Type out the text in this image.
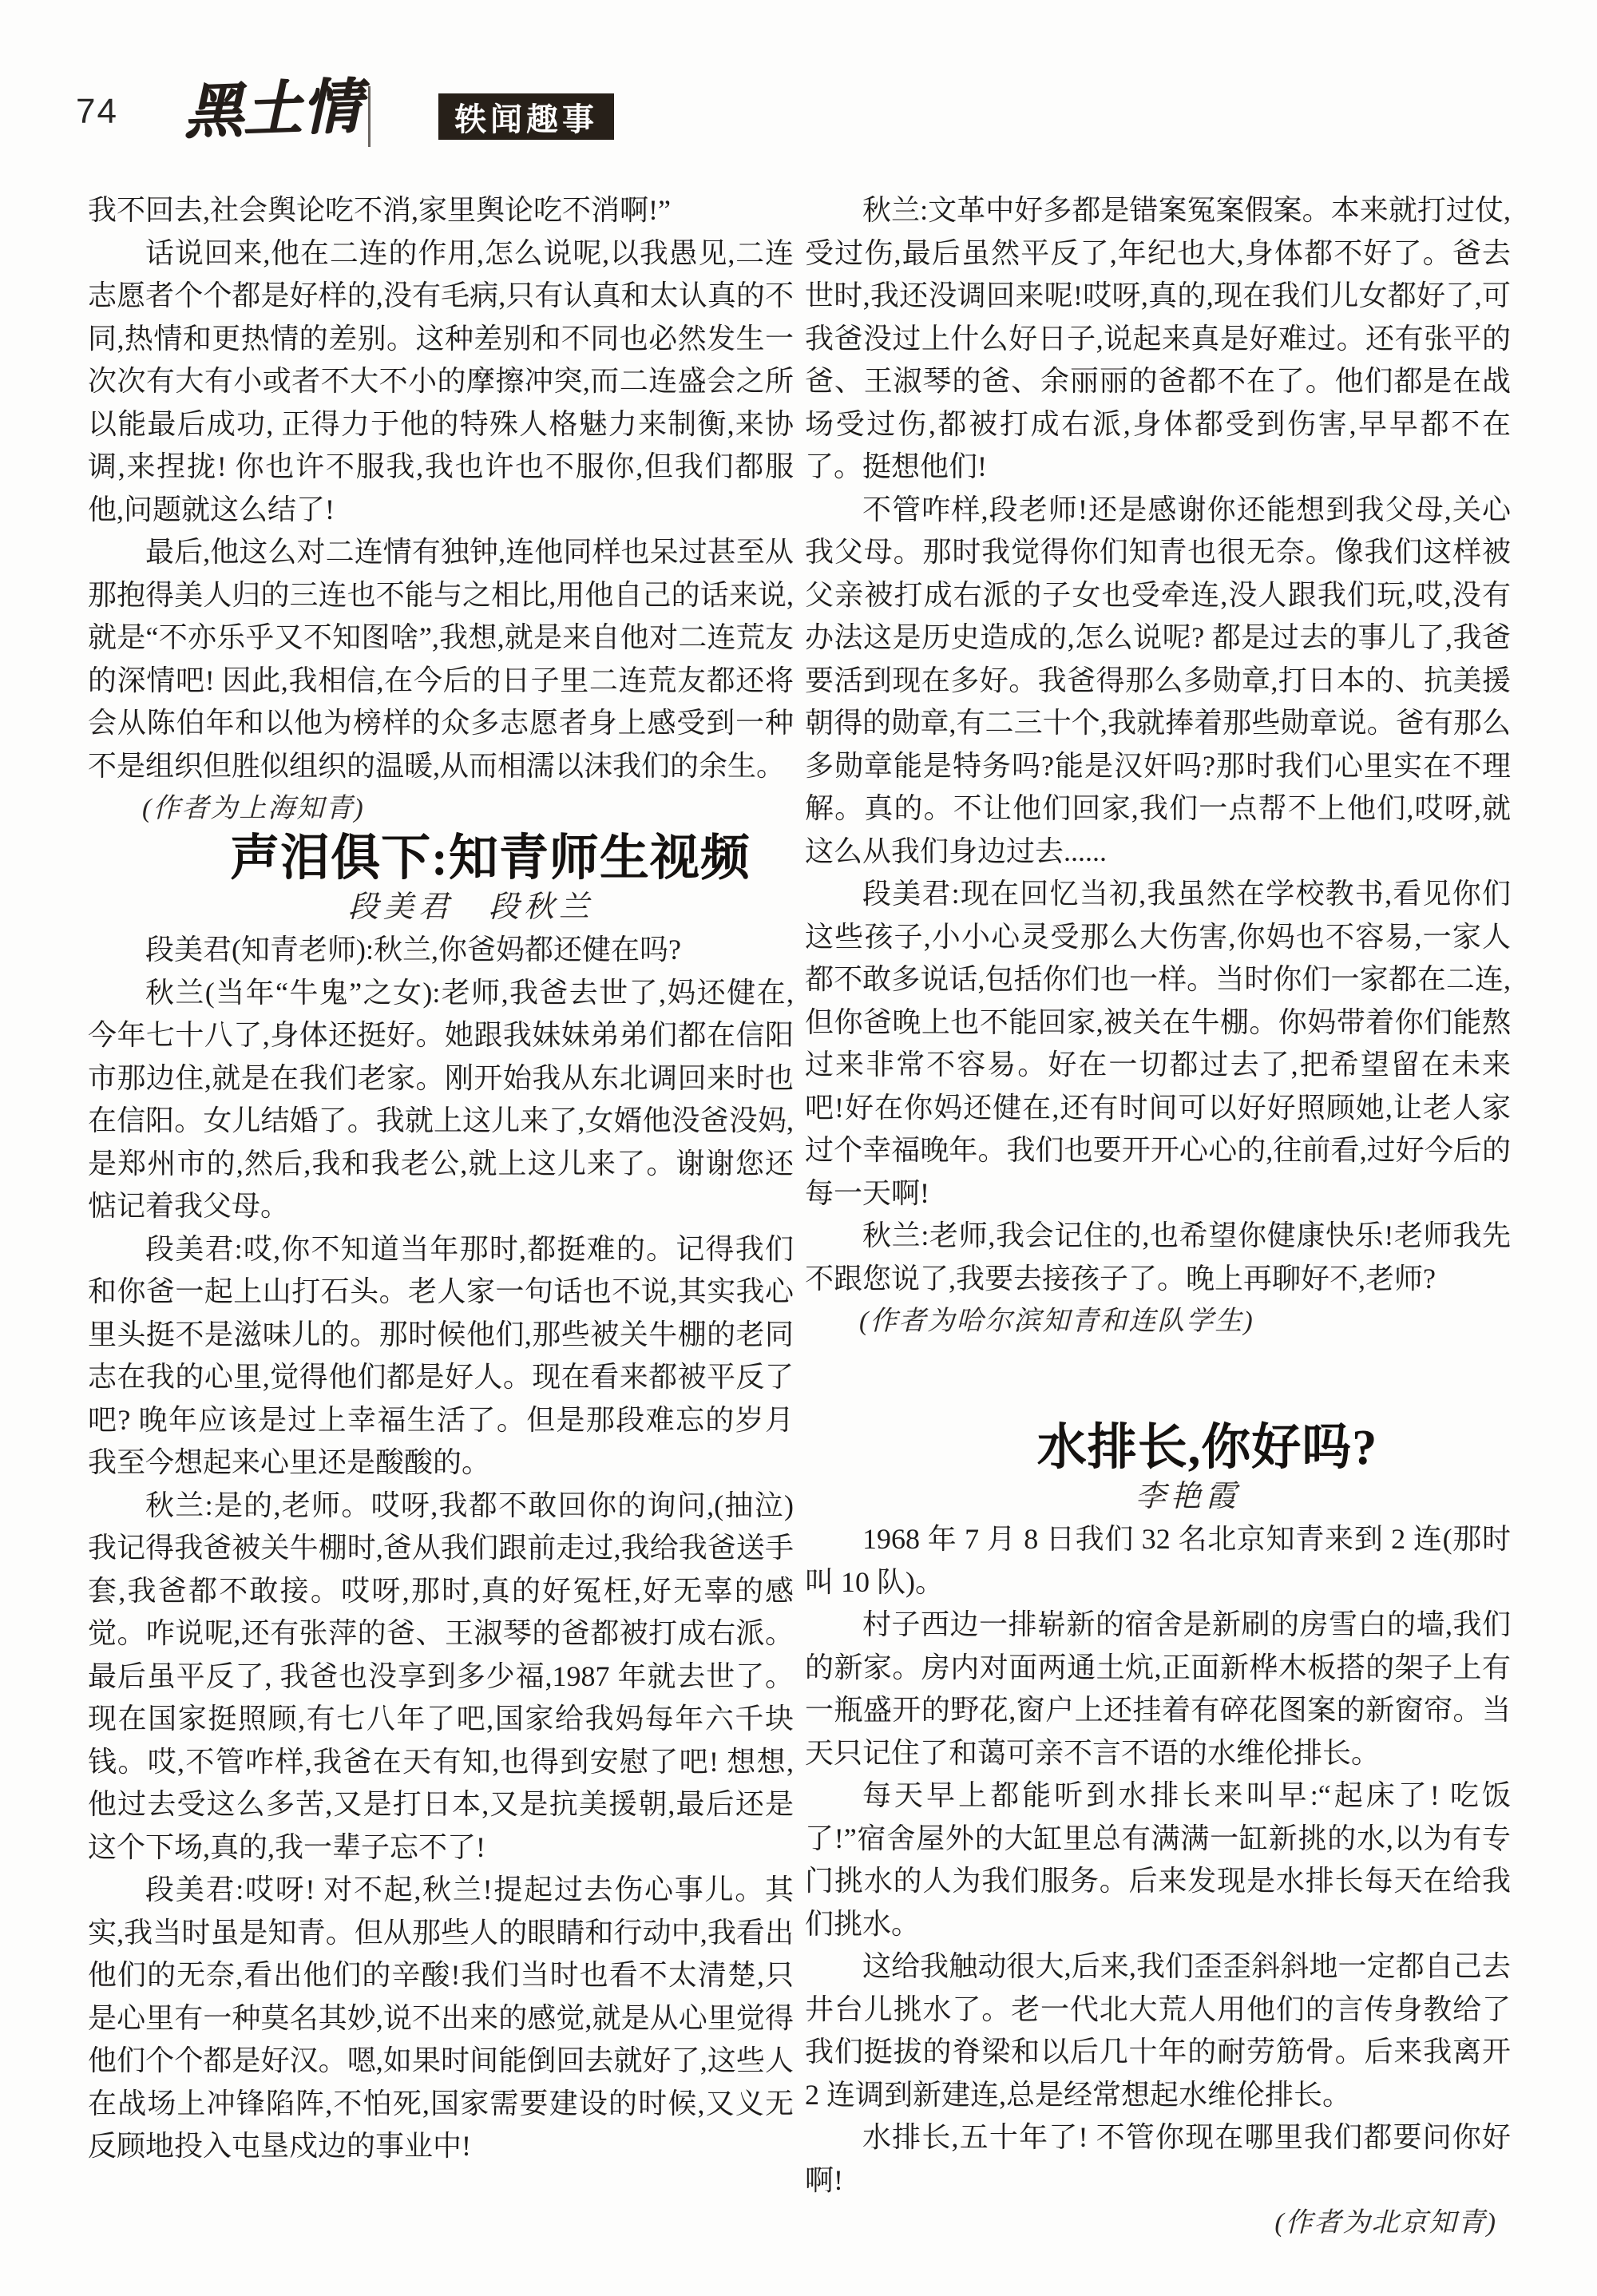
74 黑土情	轶闻趣事

我不回去,社会舆论吃不消,家里舆论吃不消啊!”

话说回来,他在二连的作用,怎么说呢,以我愚见,二连志愿者个个都是好样的,没有毛病,只有认真和太认真的不同,热情和更热情的差别。这种差别和不同也必然发生一次次有大有小或者不大不小的摩擦冲突,而二连盛会之所以能最后成功, 正得力于他的特殊人格魅力来制衡,来协调,来捏拢! 你也许不服我,我也许也不服你,但我们都服他,问题就这么结了!

最后,他这么对二连情有独钟,连他同样也呆过甚至从那抱得美人归的三连也不能与之相比,用他自己的话来说,就是“不亦乐乎又不知图啥”,我想,就是来自他对二连荒友的深情吧! 因此,我相信,在今后的日子里二连荒友都还将会从陈伯年和以他为榜样的众多志愿者身上感受到一种不是组织但胜似组织的温暖,从而相濡以沫我们的余生。

(作者为上海知青)

声泪俱下:知青师生视频

段美君　段秋兰

段美君(知青老师):秋兰,你爸妈都还健在吗?

秋兰(当年“牛鬼”之女):老师,我爸去世了,妈还健在,今年七十八了,身体还挺好。她跟我妹妹弟弟们都在信阳市那边住,就是在我们老家。刚开始我从东北调回来时也在信阳。女儿结婚了。我就上这儿来了,女婿他没爸没妈,是郑州市的,然后,我和我老公,就上这儿来了。谢谢您还惦记着我父母。

段美君:哎,你不知道当年那时,都挺难的。记得我们和你爸一起上山打石头。老人家一句话也不说,其实我心里头挺不是滋味儿的。那时候他们,那些被关牛棚的老同志在我的心里,觉得他们都是好人。现在看来都被平反了吧? 晚年应该是过上幸福生活了。但是那段难忘的岁月我至今想起来心里还是酸酸的。

秋兰:是的,老师。哎呀,我都不敢回你的询问,(抽泣)我记得我爸被关牛棚时,爸从我们跟前走过,我给我爸送手套,我爸都不敢接。哎呀,那时,真的好冤枉,好无辜的感觉。咋说呢,还有张萍的爸、王淑琴的爸都被打成右派。最后虽平反了, 我爸也没享到多少福,1987 年就去世了。现在国家挺照顾,有七八年了吧,国家给我妈每年六千块钱。哎,不管咋样,我爸在天有知,也得到安慰了吧! 想想,他过去受这么多苦,又是打日本,又是抗美援朝,最后还是这个下场,真的,我一辈子忘不了!

段美君:哎呀! 对不起,秋兰!提起过去伤心事儿。其实,我当时虽是知青。但从那些人的眼睛和行动中,我看出他们的无奈,看出他们的辛酸!我们当时也看不太清楚,只是心里有一种莫名其妙,说不出来的感觉,就是从心里觉得他们个个都是好汉。嗯,如果时间能倒回去就好了,这些人在战场上冲锋陷阵,不怕死,国家需要建设的时候,又义无反顾地投入屯垦戍边的事业中!

秋兰:文革中好多都是错案冤案假案。本来就打过仗,受过伤,最后虽然平反了,年纪也大,身体都不好了。爸去世时,我还没调回来呢!哎呀,真的,现在我们儿女都好了,可我爸没过上什么好日子,说起来真是好难过。还有张平的爸、王淑琴的爸、余丽丽的爸都不在了。他们都是在战场受过伤,都被打成右派,身体都受到伤害,早早都不在了。挺想他们!

不管咋样,段老师!还是感谢你还能想到我父母,关心我父母。那时我觉得你们知青也很无奈。像我们这样被父亲被打成右派的子女也受牵连,没人跟我们玩,哎,没有办法这是历史造成的,怎么说呢? 都是过去的事儿了,我爸要活到现在多好。我爸得那么多勋章,打日本的、抗美援朝得的勋章,有二三十个,我就捧着那些勋章说。爸有那么多勋章能是特务吗?能是汉奸吗?那时我们心里实在不理解。真的。不让他们回家,我们一点帮不上他们,哎呀,就这么从我们身边过去......

段美君:现在回忆当初,我虽然在学校教书,看见你们这些孩子,小小心灵受那么大伤害,你妈也不容易,一家人都不敢多说话,包括你们也一样。当时你们一家都在二连,但你爸晚上也不能回家,被关在牛棚。你妈带着你们能熬过来非常不容易。好在一切都过去了,把希望留在未来吧!好在你妈还健在,还有时间可以好好照顾她,让老人家过个幸福晚年。我们也要开开心心的,往前看,过好今后的每一天啊!

秋兰:老师,我会记住的,也希望你健康快乐!老师我先不跟您说了,我要去接孩子了。晚上再聊好不,老师?

(作者为哈尔滨知青和连队学生)

水排长,你好吗?

李艳霞

1968 年 7 月 8 日我们 32 名北京知青来到 2 连(那时叫 10 队)。

村子西边一排崭新的宿舍是新刷的房雪白的墙,我们的新家。房内对面两通土炕,正面新桦木板搭的架子上有一瓶盛开的野花,窗户上还挂着有碎花图案的新窗帘。当天只记住了和蔼可亲不言不语的水维伦排长。

每天早上都能听到水排长来叫早:“起床了! 吃饭了!”宿舍屋外的大缸里总有满满一缸新挑的水,以为有专门挑水的人为我们服务。后来发现是水排长每天在给我们挑水。

这给我触动很大,后来,我们歪歪斜斜地一定都自己去井台儿挑水了。老一代北大荒人用他们的言传身教给了我们挺拔的脊梁和以后几十年的耐劳筋骨。后来我离开 2 连调到新建连,总是经常想起水维伦排长。

水排长,五十年了! 不管你现在哪里我们都要问你好啊!

(作者为北京知青)
